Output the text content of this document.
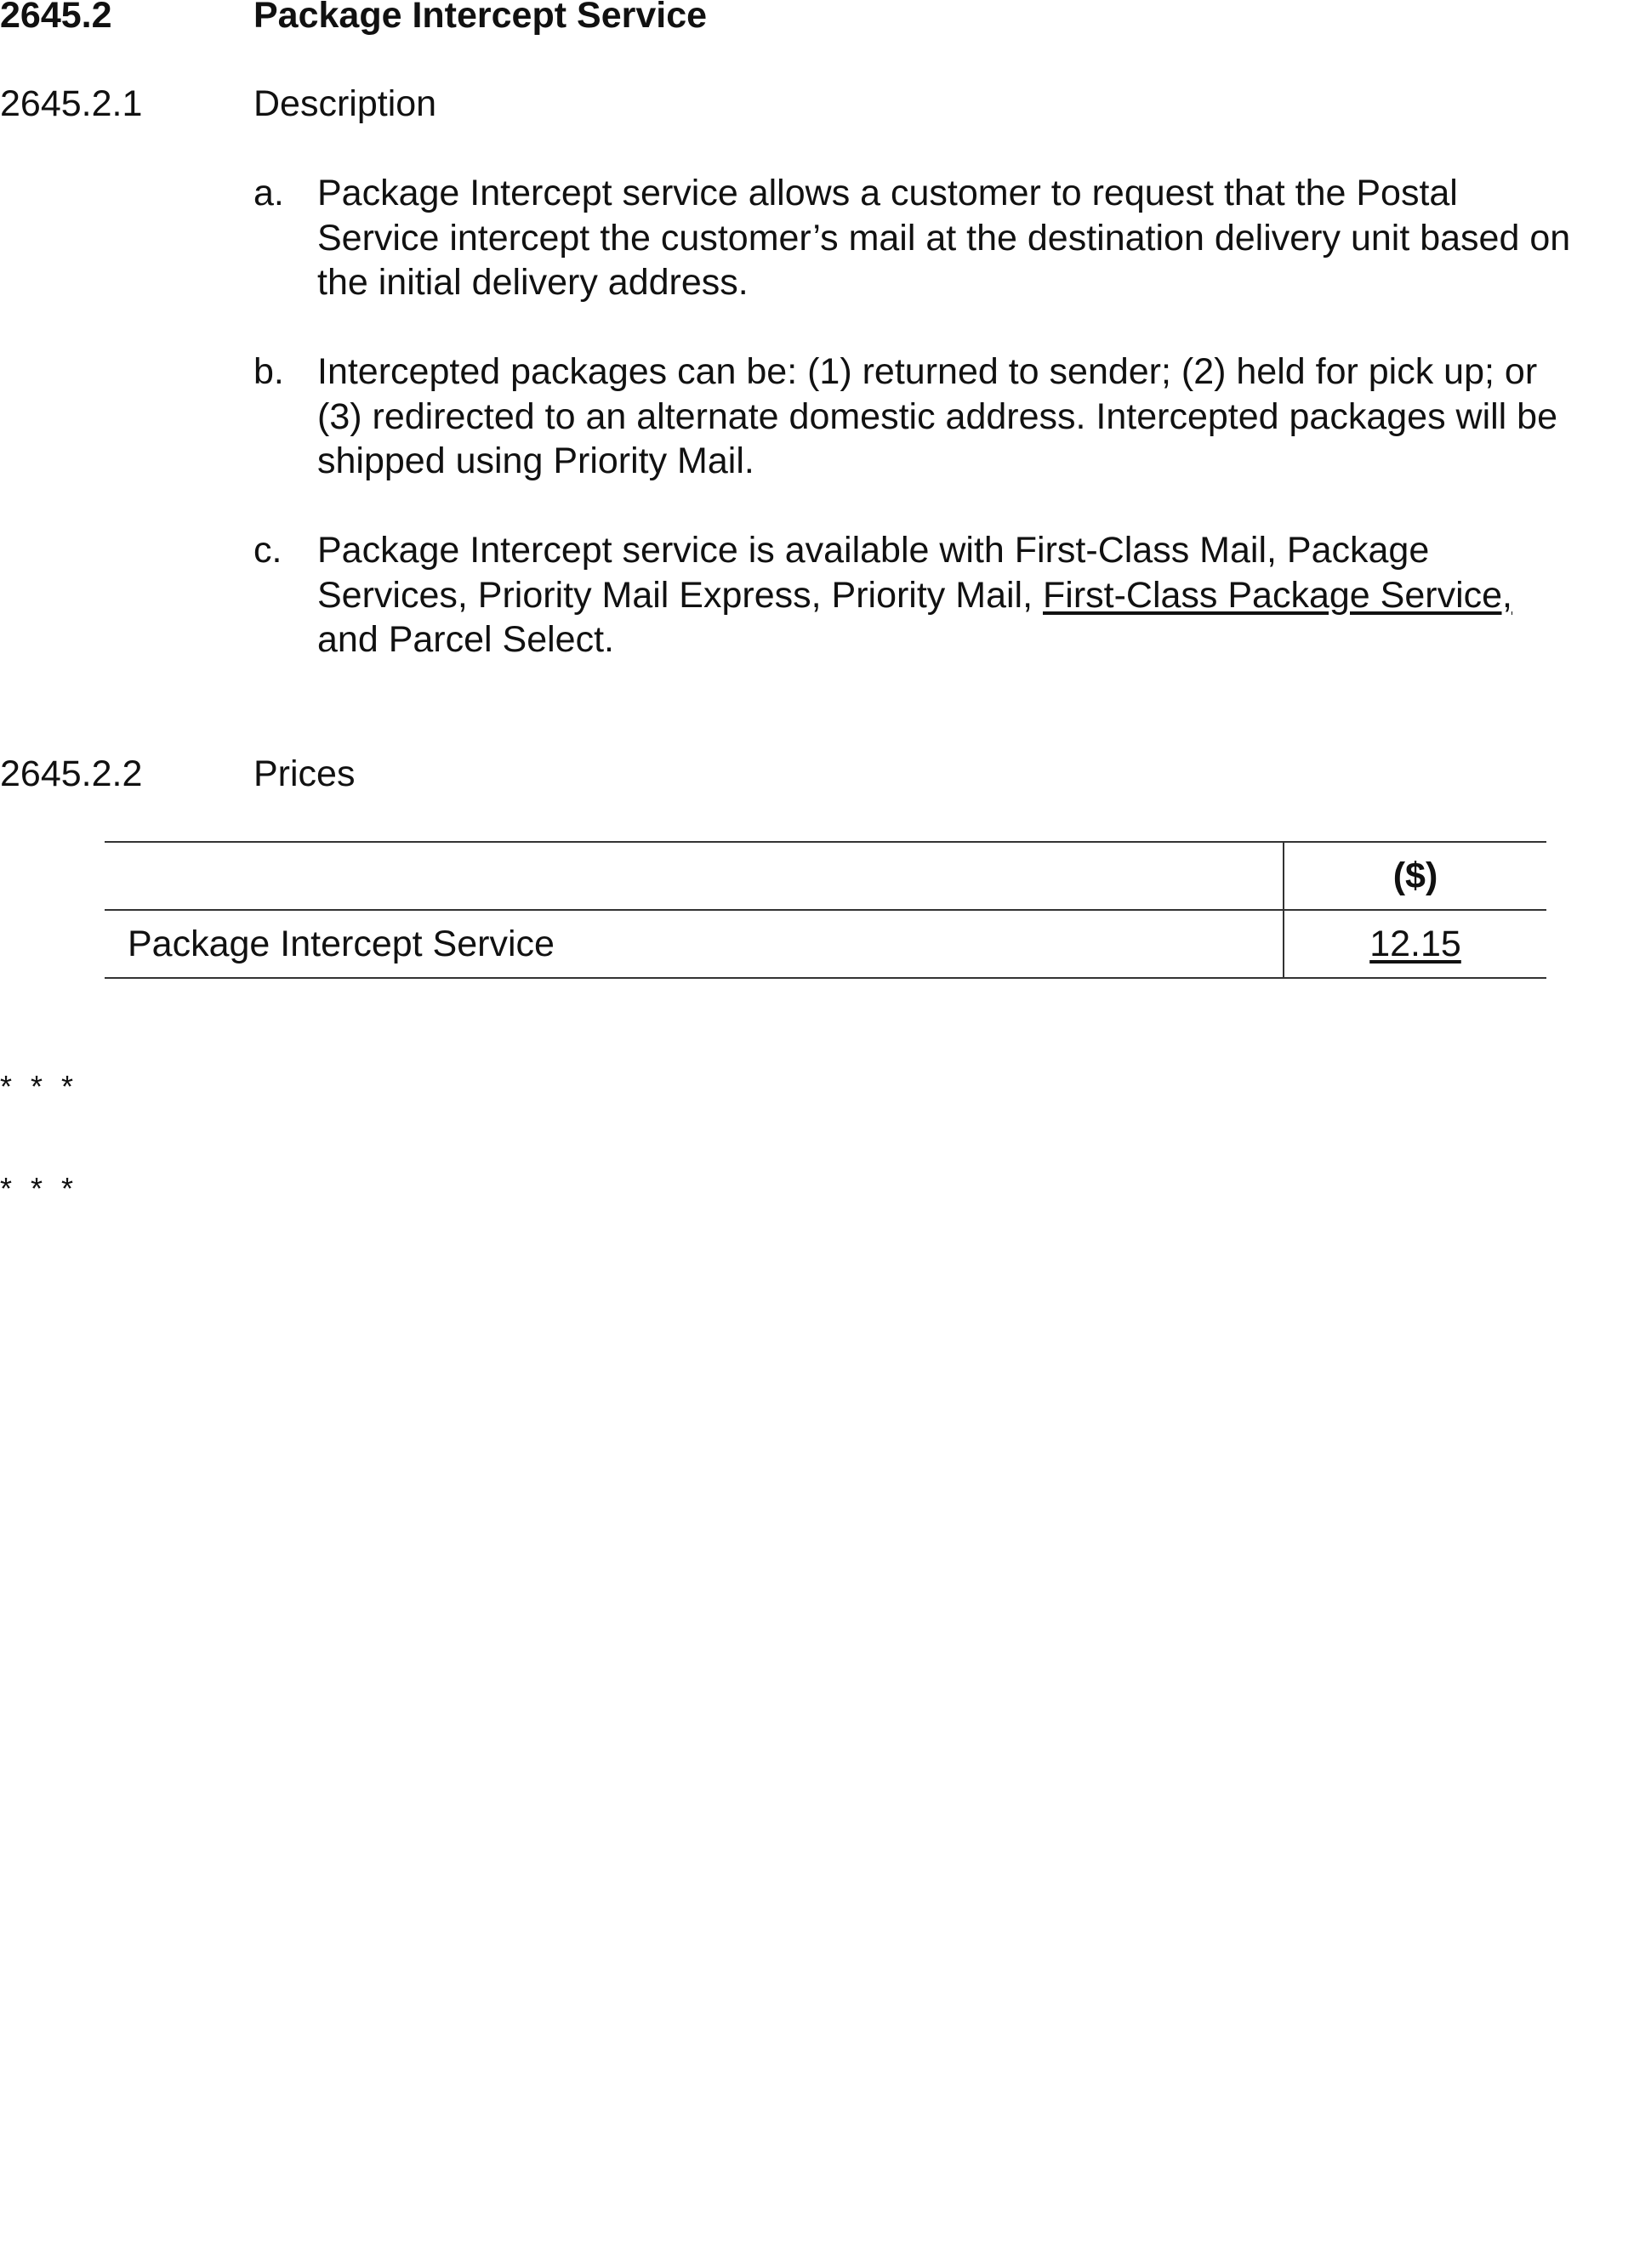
2645.2	Package Intercept Service
2645.2.1	Description
a. Package Intercept service allows a customer to request that the Postal
Service intercept the customer’s mail at the destination delivery unit based on
the initial delivery address.
b. Intercepted packages can be: (1) returned to sender; (2) held for pick up; or
(3) redirected to an alternate domestic address. Intercepted packages will be
shipped using Priority Mail.
c. Package Intercept service is available with First-Class Mail, Package
Services, Priority Mail Express, Priority Mail, First-Class Package Service,
and Parcel Select.
2645.2.2	Prices
	($)
Package Intercept Service	12.15
* * *
* * *
